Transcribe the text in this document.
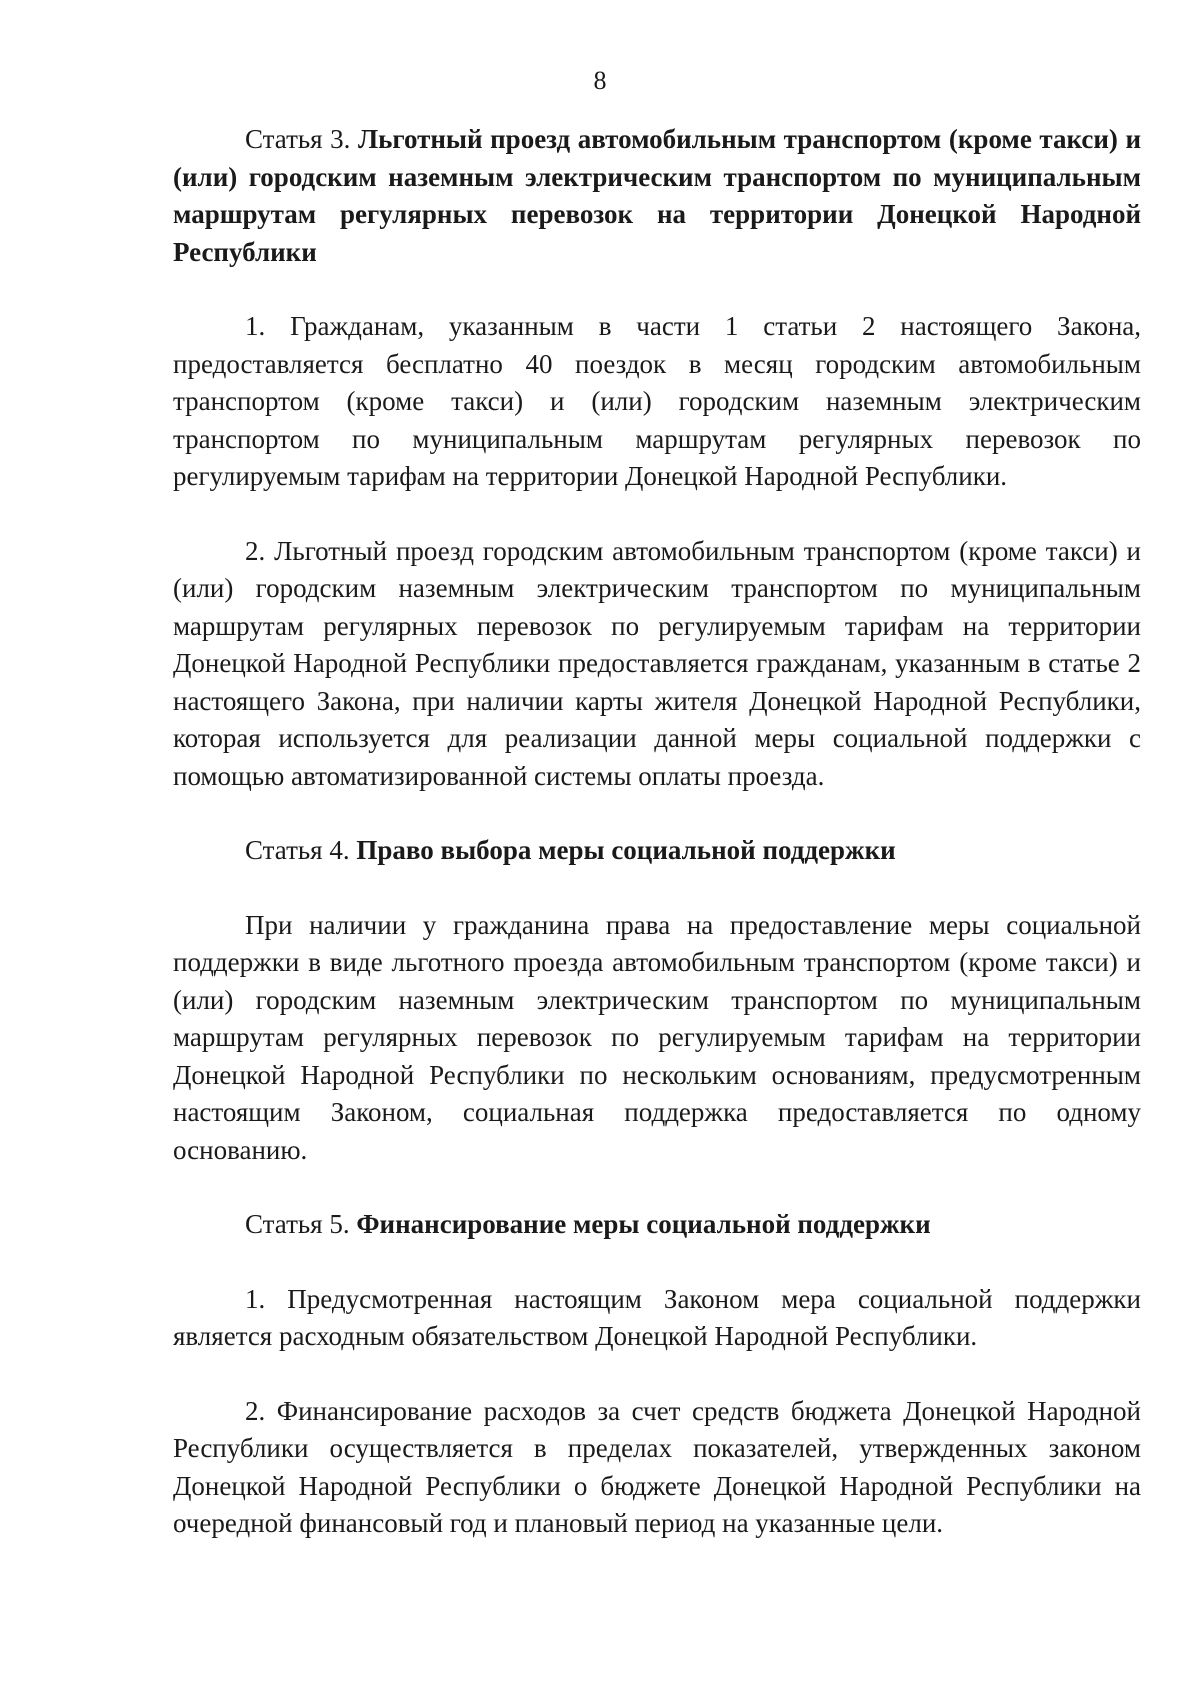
8

Статья 3. Льготный проезд автомобильным транспортом (кроме такси) и (или) городским наземным электрическим транспортом по муниципальным маршрутам регулярных перевозок на территории Донецкой Народной Республики

1. Гражданам, указанным в части 1 статьи 2 настоящего Закона, предоставляется бесплатно 40 поездок в месяц городским автомобильным транспортом (кроме такси) и (или) городским наземным электрическим транспортом по муниципальным маршрутам регулярных перевозок по регулируемым тарифам на территории Донецкой Народной Республики.

2. Льготный проезд городским автомобильным транспортом (кроме такси) и (или) городским наземным электрическим транспортом по муниципальным маршрутам регулярных перевозок по регулируемым тарифам на территории Донецкой Народной Республики предоставляется гражданам, указанным в статье 2 настоящего Закона, при наличии карты жителя Донецкой Народной Республики, которая используется для реализации данной меры социальной поддержки с помощью автоматизированной системы оплаты проезда.

Статья 4. Право выбора меры социальной поддержки

При наличии у гражданина права на предоставление меры социальной поддержки в виде льготного проезда автомобильным транспортом (кроме такси) и (или) городским наземным электрическим транспортом по муниципальным маршрутам регулярных перевозок по регулируемым тарифам на территории Донецкой Народной Республики по нескольким основаниям, предусмотренным настоящим Законом, социальная поддержка предоставляется по одному основанию.

Статья 5. Финансирование меры социальной поддержки

1. Предусмотренная настоящим Законом мера социальной поддержки является расходным обязательством Донецкой Народной Республики.

2. Финансирование расходов за счет средств бюджета Донецкой Народной Республики осуществляется в пределах показателей, утвержденных законом Донецкой Народной Республики о бюджете Донецкой Народной Республики на очередной финансовый год и плановый период на указанные цели.
